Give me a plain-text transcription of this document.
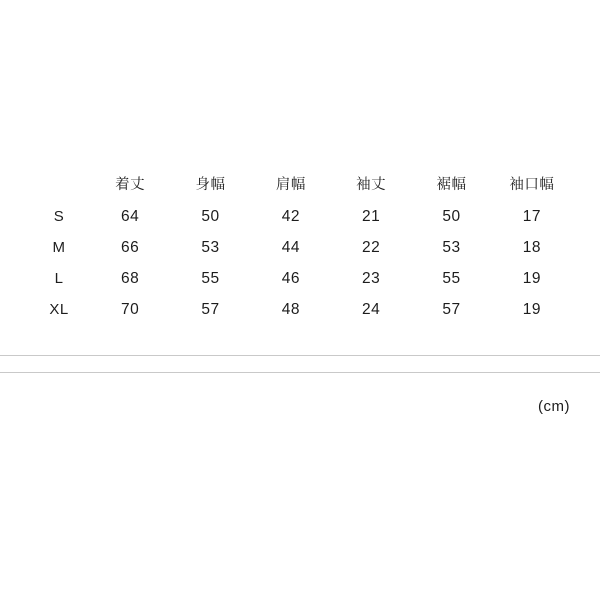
	着丈	身幅	肩幅	袖丈	裾幅	袖口幅
S	64	50	42	21	50	17
M	66	53	44	22	53	18
L	68	55	46	23	55	19
XL	70	57	48	24	57	19
(cm)
